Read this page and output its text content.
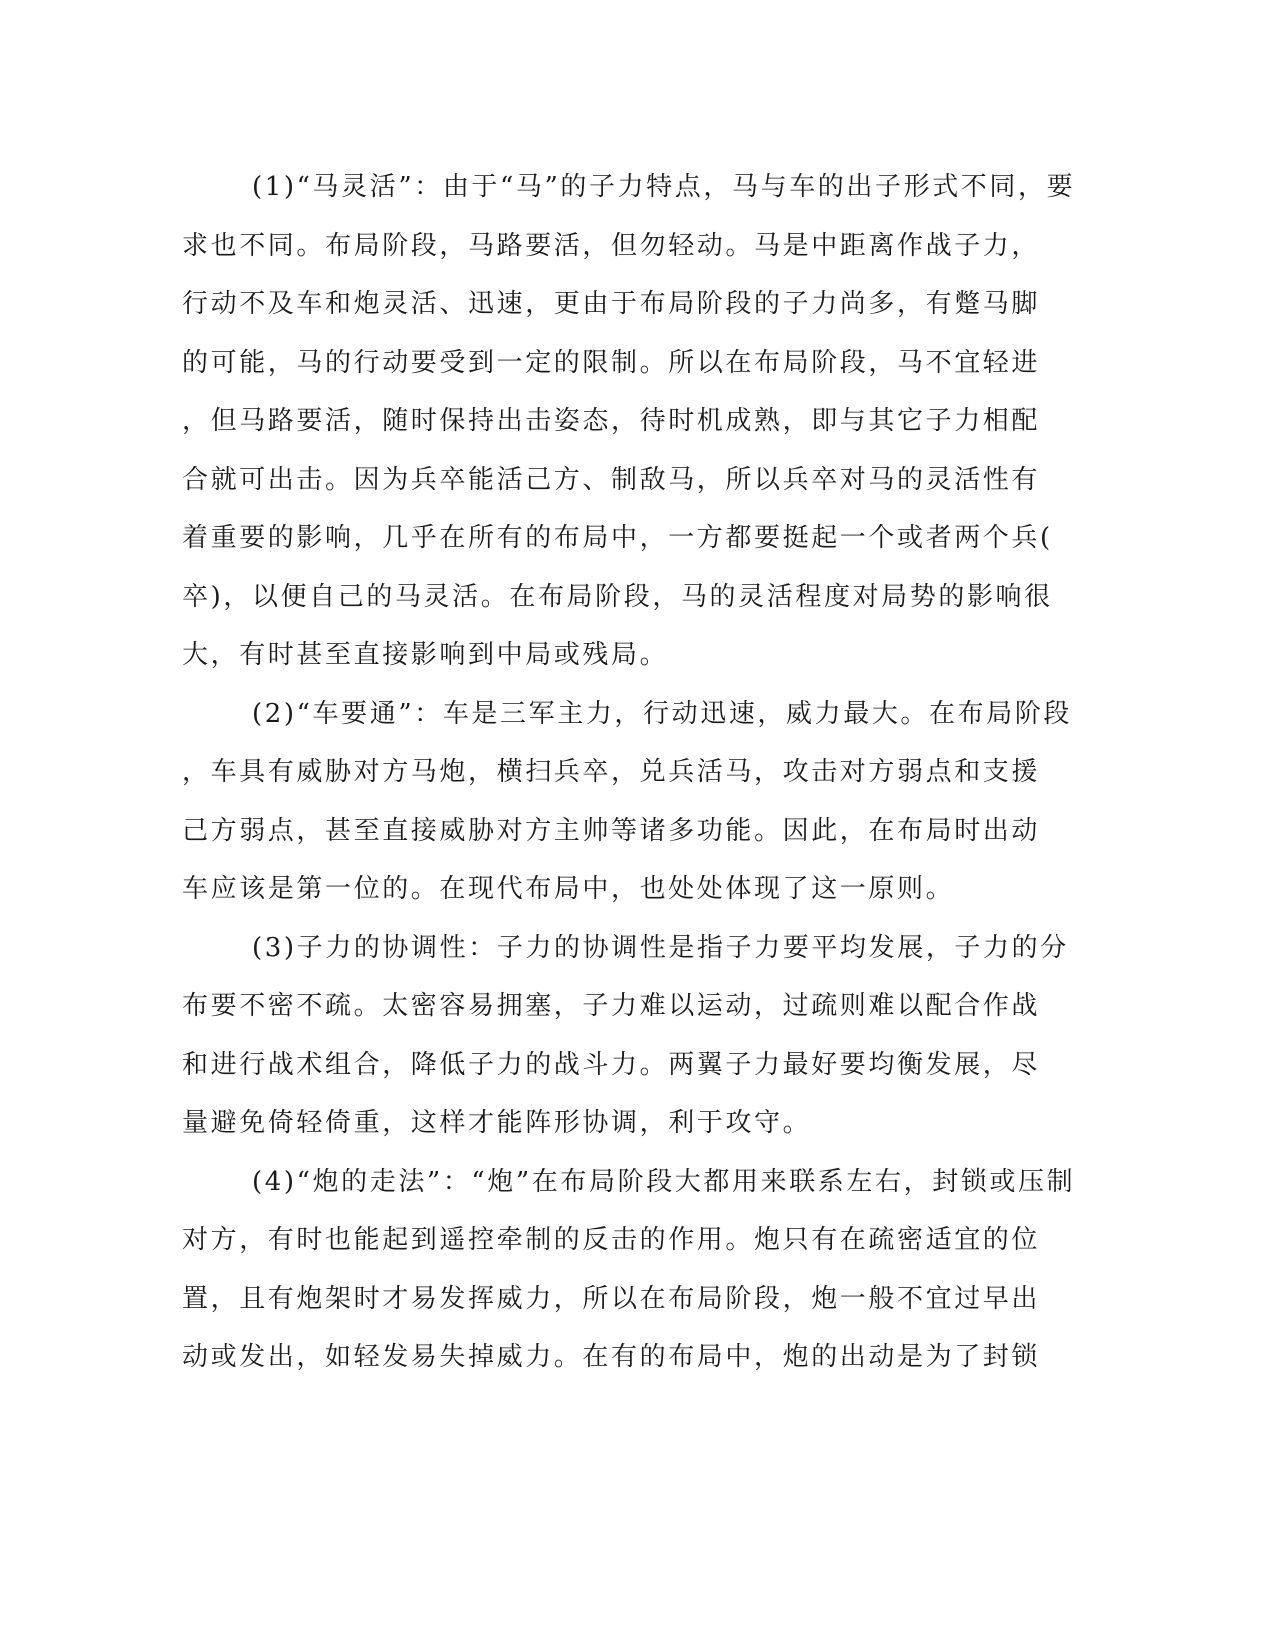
(1)“马灵活”：由于“马”的子力特点，马与车的出子形式不同，要
求也不同。布局阶段，马路要活，但勿轻动。马是中距离作战子力，
行动不及车和炮灵活、迅速，更由于布局阶段的子力尚多，有蹩马脚
的可能，马的行动要受到一定的限制。所以在布局阶段，马不宜轻进
，但马路要活，随时保持出击姿态，待时机成熟，即与其它子力相配
合就可出击。因为兵卒能活己方、制敌马，所以兵卒对马的灵活性有
着重要的影响，几乎在所有的布局中，一方都要挺起一个或者两个兵(
卒)，以便自己的马灵活。在布局阶段，马的灵活程度对局势的影响很
大，有时甚至直接影响到中局或残局。
(2)“车要通”：车是三军主力，行动迅速，威力最大。在布局阶段
，车具有威胁对方马炮，横扫兵卒，兑兵活马，攻击对方弱点和支援
己方弱点，甚至直接威胁对方主帅等诸多功能。因此，在布局时出动
车应该是第一位的。在现代布局中，也处处体现了这一原则。
(3)子力的协调性：子力的协调性是指子力要平均发展，子力的分
布要不密不疏。太密容易拥塞，子力难以运动，过疏则难以配合作战
和进行战术组合，降低子力的战斗力。两翼子力最好要均衡发展，尽
量避免倚轻倚重，这样才能阵形协调，利于攻守。
(4)“炮的走法”：“炮”在布局阶段大都用来联系左右，封锁或压制
对方，有时也能起到遥控牵制的反击的作用。炮只有在疏密适宜的位
置，且有炮架时才易发挥威力，所以在布局阶段，炮一般不宜过早出
动或发出，如轻发易失掉威力。在有的布局中，炮的出动是为了封锁
